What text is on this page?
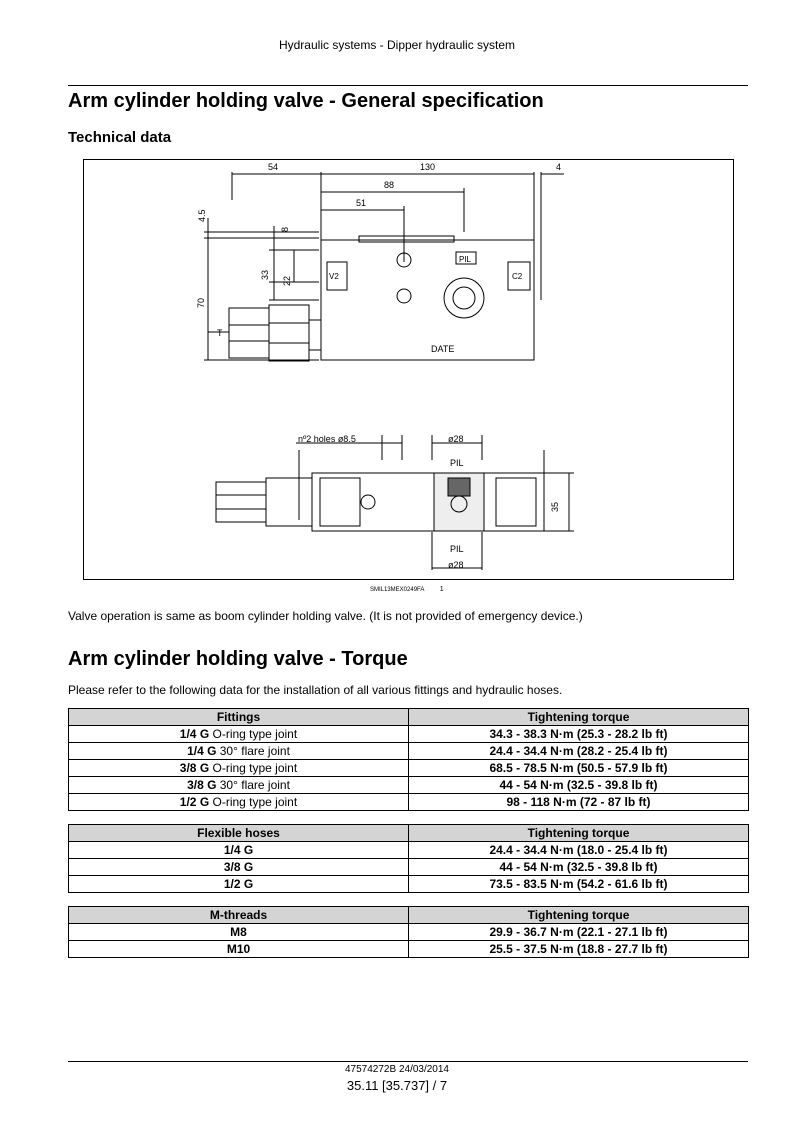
Hydraulic systems - Dipper hydraulic system
Arm cylinder holding valve - General specification
Technical data
54	130	4
88
51
4.5
8
33
22
70
V2
PIL
C2
T
DATE
nº2 holes ø8.5	ø28
PIL
35
PIL
ø28
SMIL13MEX0249FA 1
Valve operation is same as boom cylinder holding valve. (It is not provided of emergency device.)
Arm cylinder holding valve - Torque
Please refer to the following data for the installation of all various fittings and hydraulic hoses.
Fittings	Tightening torque
1/4 G O-ring type joint	34.3 - 38.3 N·m (25.3 - 28.2 lb ft)
1/4 G 30° flare joint	24.4 - 34.4 N·m (28.2 - 25.4 lb ft)
3/8 G O-ring type joint	68.5 - 78.5 N·m (50.5 - 57.9 lb ft)
3/8 G 30° flare joint	44 - 54 N·m (32.5 - 39.8 lb ft)
1/2 G O-ring type joint	98 - 118 N·m (72 - 87 lb ft)
Flexible hoses	Tightening torque
1/4 G	24.4 - 34.4 N·m (18.0 - 25.4 lb ft)
3/8 G	44 - 54 N·m (32.5 - 39.8 lb ft)
1/2 G	73.5 - 83.5 N·m (54.2 - 61.6 lb ft)
M-threads	Tightening torque
M8	29.9 - 36.7 N·m (22.1 - 27.1 lb ft)
M10	25.5 - 37.5 N·m (18.8 - 27.7 lb ft)
47574272B 24/03/2014
35.11 [35.737] / 7
